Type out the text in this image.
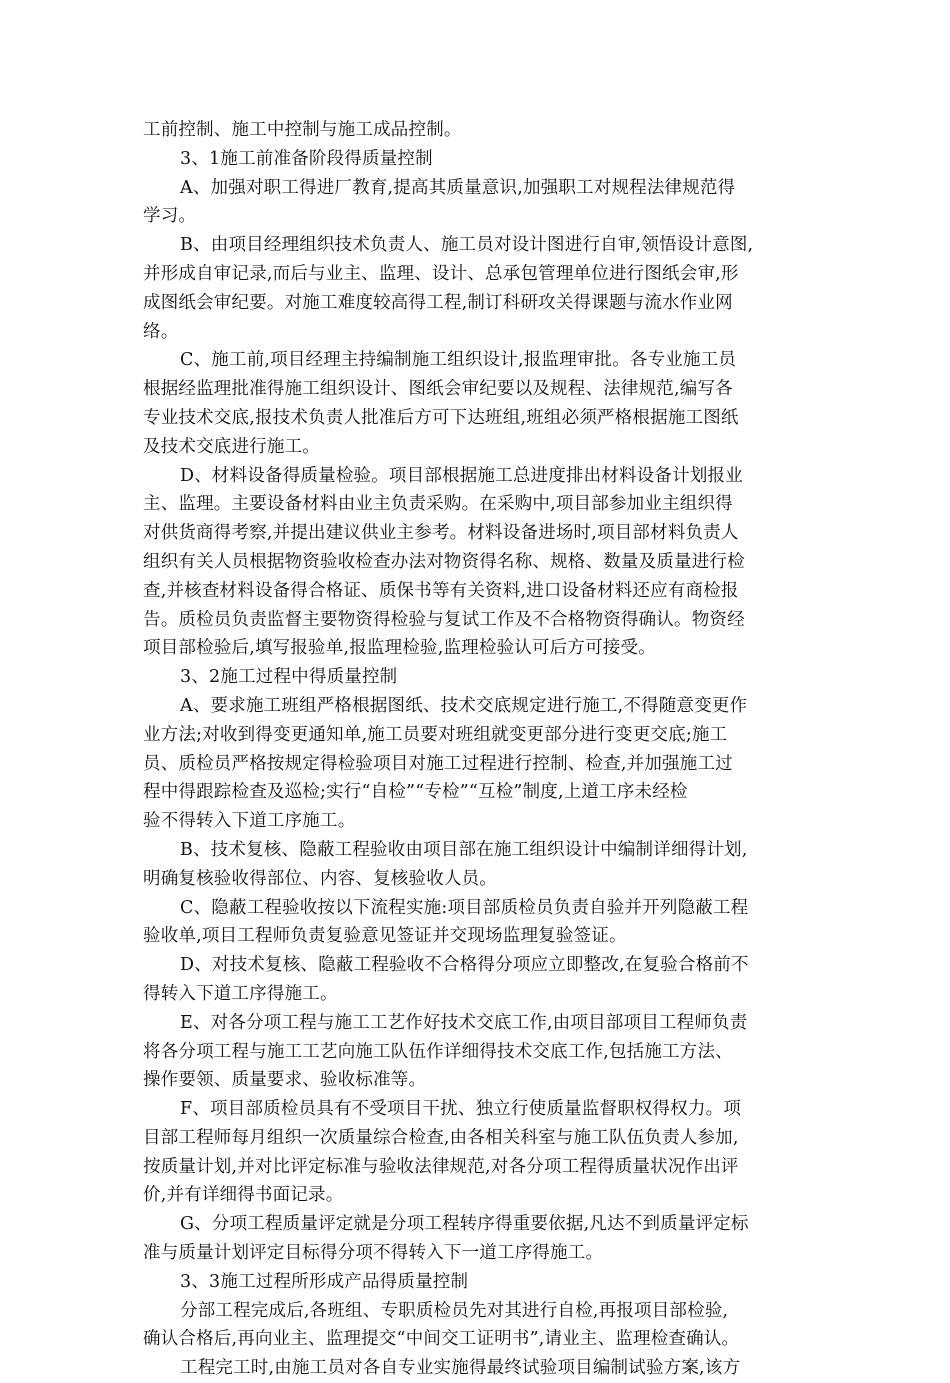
工前控制、施工中控制与施工成品控制。
3、1施工前准备阶段得质量控制
A、加强对职工得进厂教育,提高其质量意识,加强职工对规程法律规范得
学习。
B、由项目经理组织技术负责人、施工员对设计图进行自审,领悟设计意图,
并形成自审记录,而后与业主、监理、设计、总承包管理单位进行图纸会审,形
成图纸会审纪要。对施工难度较高得工程,制订科研攻关得课题与流水作业网
络。
C、施工前,项目经理主持编制施工组织设计,报监理审批。各专业施工员
根据经监理批准得施工组织设计、图纸会审纪要以及规程、法律规范,编写各
专业技术交底,报技术负责人批准后方可下达班组,班组必须严格根据施工图纸
及技术交底进行施工。
D、材料设备得质量检验。项目部根据施工总进度排出材料设备计划报业
主、监理。主要设备材料由业主负责采购。在采购中,项目部参加业主组织得
对供货商得考察,并提出建议供业主参考。材料设备进场时,项目部材料负责人
组织有关人员根据物资验收检查办法对物资得名称、规格、数量及质量进行检
查,并核查材料设备得合格证、质保书等有关资料,进口设备材料还应有商检报
告。质检员负责监督主要物资得检验与复试工作及不合格物资得确认。物资经
项目部检验后,填写报验单,报监理检验,监理检验认可后方可接受。
3、2施工过程中得质量控制
A、要求施工班组严格根据图纸、技术交底规定进行施工,不得随意变更作
业方法;对收到得变更通知单,施工员要对班组就变更部分进行变更交底;施工
员、质检员严格按规定得检验项目对施工过程进行控制、检查,并加强施工过
程中得跟踪检查及巡检;实行“自检”“专检”“互检”制度,上道工序未经检
验不得转入下道工序施工。
B、技术复核、隐蔽工程验收由项目部在施工组织设计中编制详细得计划,
明确复核验收得部位、内容、复核验收人员。
C、隐蔽工程验收按以下流程实施:项目部质检员负责自验并开列隐蔽工程
验收单,项目工程师负责复验意见签证并交现场监理复验签证。
D、对技术复核、隐蔽工程验收不合格得分项应立即整改,在复验合格前不
得转入下道工序得施工。
E、对各分项工程与施工工艺作好技术交底工作,由项目部项目工程师负责
将各分项工程与施工工艺向施工队伍作详细得技术交底工作,包括施工方法、
操作要领、质量要求、验收标准等。
F、项目部质检员具有不受项目干扰、独立行使质量监督职权得权力。项
目部工程师每月组织一次质量综合检查,由各相关科室与施工队伍负责人参加,
按质量计划,并对比评定标准与验收法律规范,对各分项工程得质量状况作出评
价,并有详细得书面记录。
G、分项工程质量评定就是分项工程转序得重要依据,凡达不到质量评定标
准与质量计划评定目标得分项不得转入下一道工序得施工。
3、3施工过程所形成产品得质量控制
分部工程完成后,各班组、专职质检员先对其进行自检,再报项目部检验,
确认合格后,再向业主、监理提交“中间交工证明书”,请业主、监理检查确认。
工程完工时,由施工员对各自专业实施得最终试验项目编制试验方案,该方
